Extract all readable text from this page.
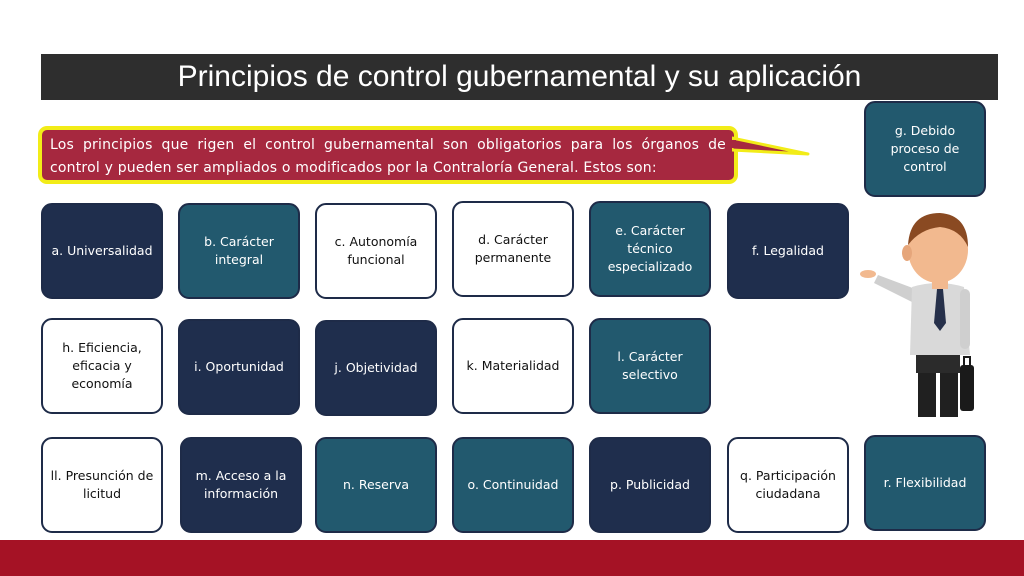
Principios de control gubernamental y su aplicación
Los principios que rigen el control gubernamental son obligatorios para los órganos de control y pueden ser ampliados o modificados por la Contraloría General. Estos son:
a. Universalidad
b. Carácter integral
c. Autonomía funcional
d. Carácter permanente
e. Carácter técnico especializado
f. Legalidad
g. Debido proceso de control
h. Eficiencia, eficacia y economía
i. Oportunidad	j. Objetividad	k. Materialidad
l. Carácter selectivo
ll. Presunción de licitud
m. Acceso a la información
n. Reserva	o. Continuidad	p. Publicidad
q. Participación ciudadana
r. Flexibilidad
